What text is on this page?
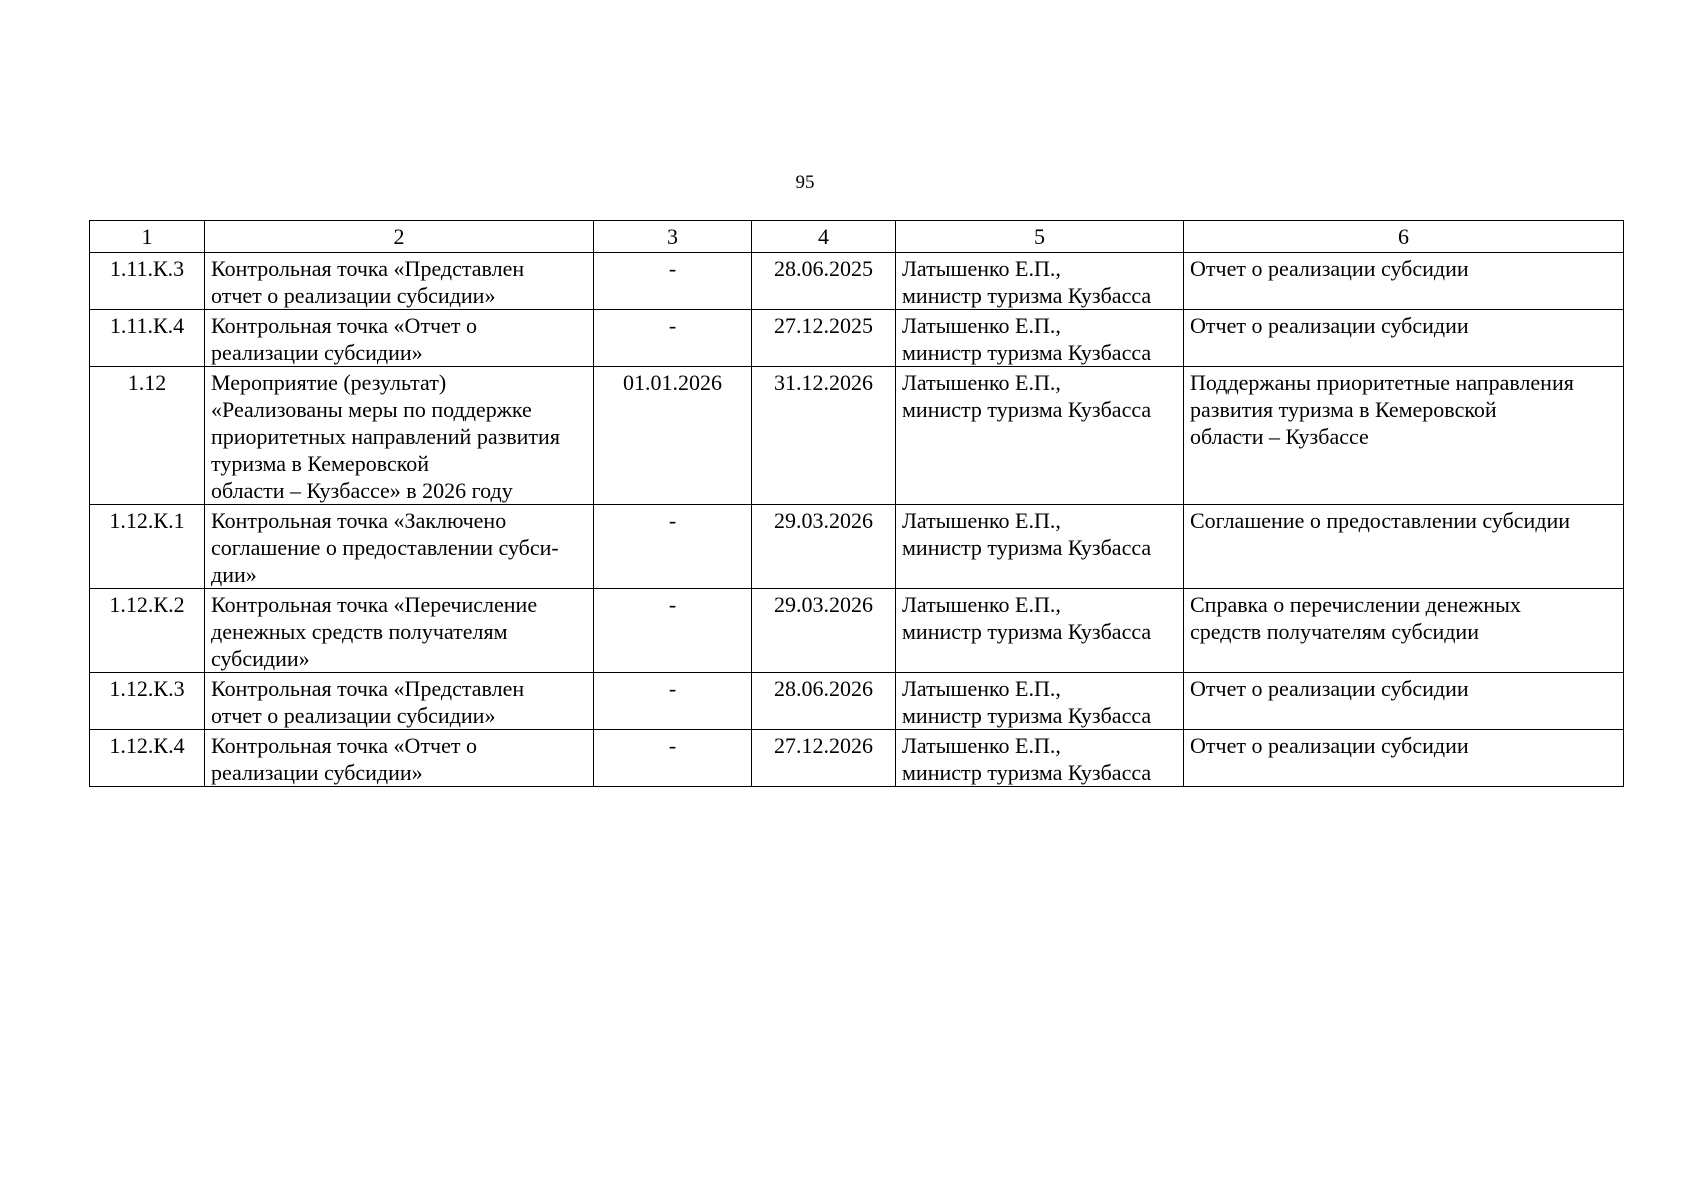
95
1	2	3	4	5	6
1.11.К.3	Контрольная точка «Представлен
отчет о реализации субсидии»	-	28.06.2025	Латышенко Е.П.,
министр туризма Кузбасса	Отчет о реализации субсидии

1.11.К.4	Контрольная точка «Отчет о
реализации субсидии»	-	27.12.2025	Латышенко Е.П.,
министр туризма Кузбасса	Отчет о реализации субсидии

1.12	Мероприятие (результат)
«Реализованы меры по поддержке
приоритетных направлений развития
туризма в Кемеровской
области – Кузбассе» в 2026 году	01.01.2026	31.12.2026	Латышенко Е.П.,
министр туризма Кузбасса	Поддержаны приоритетные направления
развития туризма в Кемеровской
области – Кузбассе

1.12.К.1	Контрольная точка «Заключено
соглашение о предоставлении субси-
дии»	-	29.03.2026	Латышенко Е.П.,
министр туризма Кузбасса	Соглашение о предоставлении субсидии

1.12.К.2	Контрольная точка «Перечисление
денежных средств получателям
субсидии»	-	29.03.2026	Латышенко Е.П.,
министр туризма Кузбасса	Справка о перечислении денежных
средств получателям субсидии

1.12.К.3	Контрольная точка «Представлен
отчет о реализации субсидии»	-	28.06.2026	Латышенко Е.П.,
министр туризма Кузбасса	Отчет о реализации субсидии

1.12.К.4	Контрольная точка «Отчет о
реализации субсидии»	-	27.12.2026	Латышенко Е.П.,
министр туризма Кузбасса	Отчет о реализации субсидии
